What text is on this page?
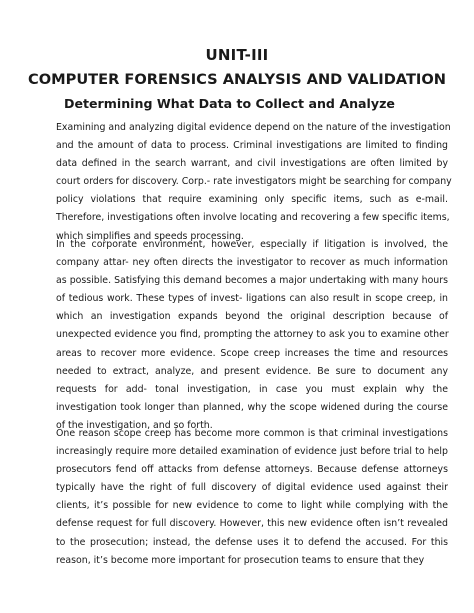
UNIT-III
COMPUTER FORENSICS ANALYSIS AND VALIDATION
Determining What Data to Collect and Analyze

Examining and analyzing digital evidence depend on the nature of the investigation
and the amount of data to process. Criminal investigations are limited to finding
data defined in the search warrant, and civil investigations are often limited by
court orders for discovery. Corp.- rate investigators might be searching for company
policy violations that require examining only specific items, such as e-mail.
Therefore, investigations often involve locating and recovering a few specific items,
which simplifies and speeds processing.

In the corporate environment, however, especially if litigation is involved, the
company attar- ney often directs the investigator to recover as much information
as possible. Satisfying this demand becomes a major undertaking with many hours
of tedious work. These types of invest- ligations can also result in scope creep, in
which an investigation expands beyond the original description because of
unexpected evidence you find, prompting the attorney to ask you to examine other
areas to recover more evidence. Scope creep increases the time and resources
needed to extract, analyze, and present evidence. Be sure to document any
requests for add- tonal investigation, in case you must explain why the
investigation took longer than planned, why the scope widened during the course
of the investigation, and so forth.

One reason scope creep has become more common is that criminal investigations
increasingly require more detailed examination of evidence just before trial to help
prosecutors fend off attacks from defense attorneys. Because defense attorneys
typically have the right of full discovery of digital evidence used against their
clients, it’s possible for new evidence to come to light while complying with the
defense request for full discovery. However, this new evidence often isn’t revealed
to the prosecution; instead, the defense uses it to defend the accused. For this
reason, it’s become more important for prosecution teams to ensure that they
